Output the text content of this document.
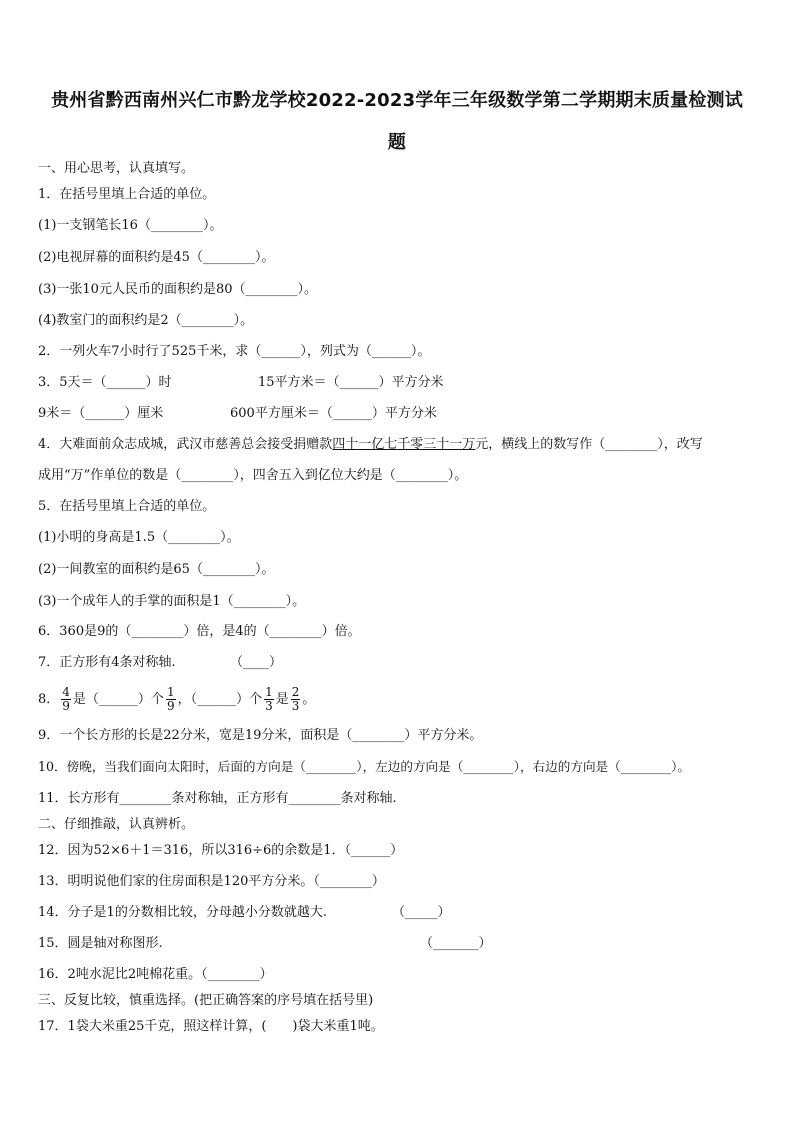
贵州省黔西南州兴仁市黔龙学校2022-2023学年三年级数学第二学期期末质量检测试
题
一、用心思考，认真填写。
1．在括号里填上合适的单位。
(1)一支钢笔长16（________）。
(2)电视屏幕的面积约是45（________）。
(3)一张10元人民币的面积约是80（________）。
(4)教室门的面积约是2（________）。
2．一列火车7小时行了525千米，求（______），列式为（______）。
3．5天＝（______）时	15平方米＝（______）平方分米
9米＝（______）厘米	600平方厘米＝（______）平方分米
4．大难面前众志成城，武汉市慈善总会接受捐赠款四十一亿七千零三十一万元，横线上的数写作（________），改写
成用“万”作单位的数是（________），四舍五入到亿位大约是（________）。
5．在括号里填上合适的单位。
(1)小明的身高是1.5（________）。
(2)一间教室的面积约是65（________）。
(3)一个成年人的手掌的面积是1（________）。
6．360是9的（________）倍，是4的（________）倍。
7．正方形有4条对称轴.	（____）
8． $\frac{4}{9}$ 是（______）个 $\frac{1}{9}$ ，（______）个 $\frac{1}{3}$ 是 $\frac{2}{3}$ 。
9．一个长方形的长是22分米，宽是19分米，面积是（________）平方分米。
10．傍晚，当我们面向太阳时，后面的方向是（________），左边的方向是（________），右边的方向是（________）。
11．长方形有________条对称轴，正方形有________条对称轴.
二、仔细推敲，认真辨析。
12．因为52×6＋1＝316，所以316÷6的余数是1．（______）
13．明明说他们家的住房面积是120平方分米。（________）
14．分子是1的分数相比较，分母越小分数就越大.	（_____）
15．圆是轴对称图形.	（_______）
16．2吨水泥比2吨棉花重。（________）
三、反复比较，慎重选择。(把正确答案的序号填在括号里)
17．1袋大米重25千克，照这样计算，(　　)袋大米重1吨。
